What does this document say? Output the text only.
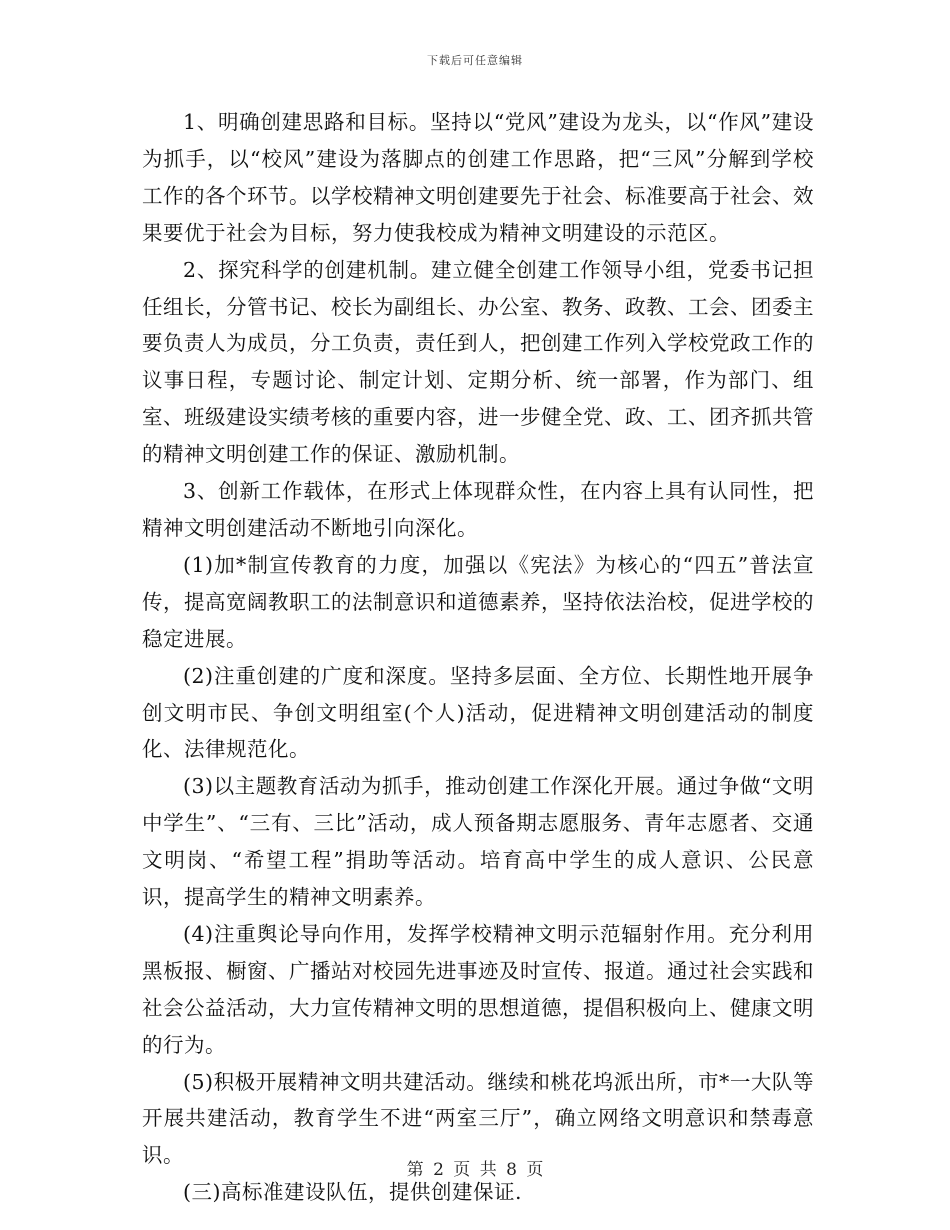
下载后可任意编辑

1、明确创建思路和目标。坚持以“党风”建设为龙头，以“作风”建设为抓手，以“校风”建设为落脚点的创建工作思路，把“三风”分解到学校工作的各个环节。以学校精神文明创建要先于社会、标准要高于社会、效果要优于社会为目标，努力使我校成为精神文明建设的示范区。

2、探究科学的创建机制。建立健全创建工作领导小组，党委书记担任组长，分管书记、校长为副组长、办公室、教务、政教、工会、团委主要负责人为成员，分工负责，责任到人，把创建工作列入学校党政工作的议事日程，专题讨论、制定计划、定期分析、统一部署，作为部门、组室、班级建设实绩考核的重要内容，进一步健全党、政、工、团齐抓共管的精神文明创建工作的保证、激励机制。

3、创新工作载体，在形式上体现群众性，在内容上具有认同性，把精神文明创建活动不断地引向深化。

(1)加*制宣传教育的力度，加强以《宪法》为核心的“四五”普法宣传，提高宽阔教职工的法制意识和道德素养，坚持依法治校，促进学校的稳定进展。

(2)注重创建的广度和深度。坚持多层面、全方位、长期性地开展争创文明市民、争创文明组室(个人)活动，促进精神文明创建活动的制度化、法律规范化。

(3)以主题教育活动为抓手，推动创建工作深化开展。通过争做“文明中学生”、“三有、三比”活动，成人预备期志愿服务、青年志愿者、交通文明岗、“希望工程”捐助等活动。培育高中学生的成人意识、公民意识，提高学生的精神文明素养。

(4)注重舆论导向作用，发挥学校精神文明示范辐射作用。充分利用黑板报、橱窗、广播站对校园先进事迹及时宣传、报道。通过社会实践和社会公益活动，大力宣传精神文明的思想道德，提倡积极向上、健康文明的行为。

(5)积极开展精神文明共建活动。继续和桃花坞派出所，市*一大队等开展共建活动，教育学生不进“两室三厅”，确立网络文明意识和禁毒意识。

(三)高标准建设队伍，提供创建保证.

第 2 页 共 8 页
